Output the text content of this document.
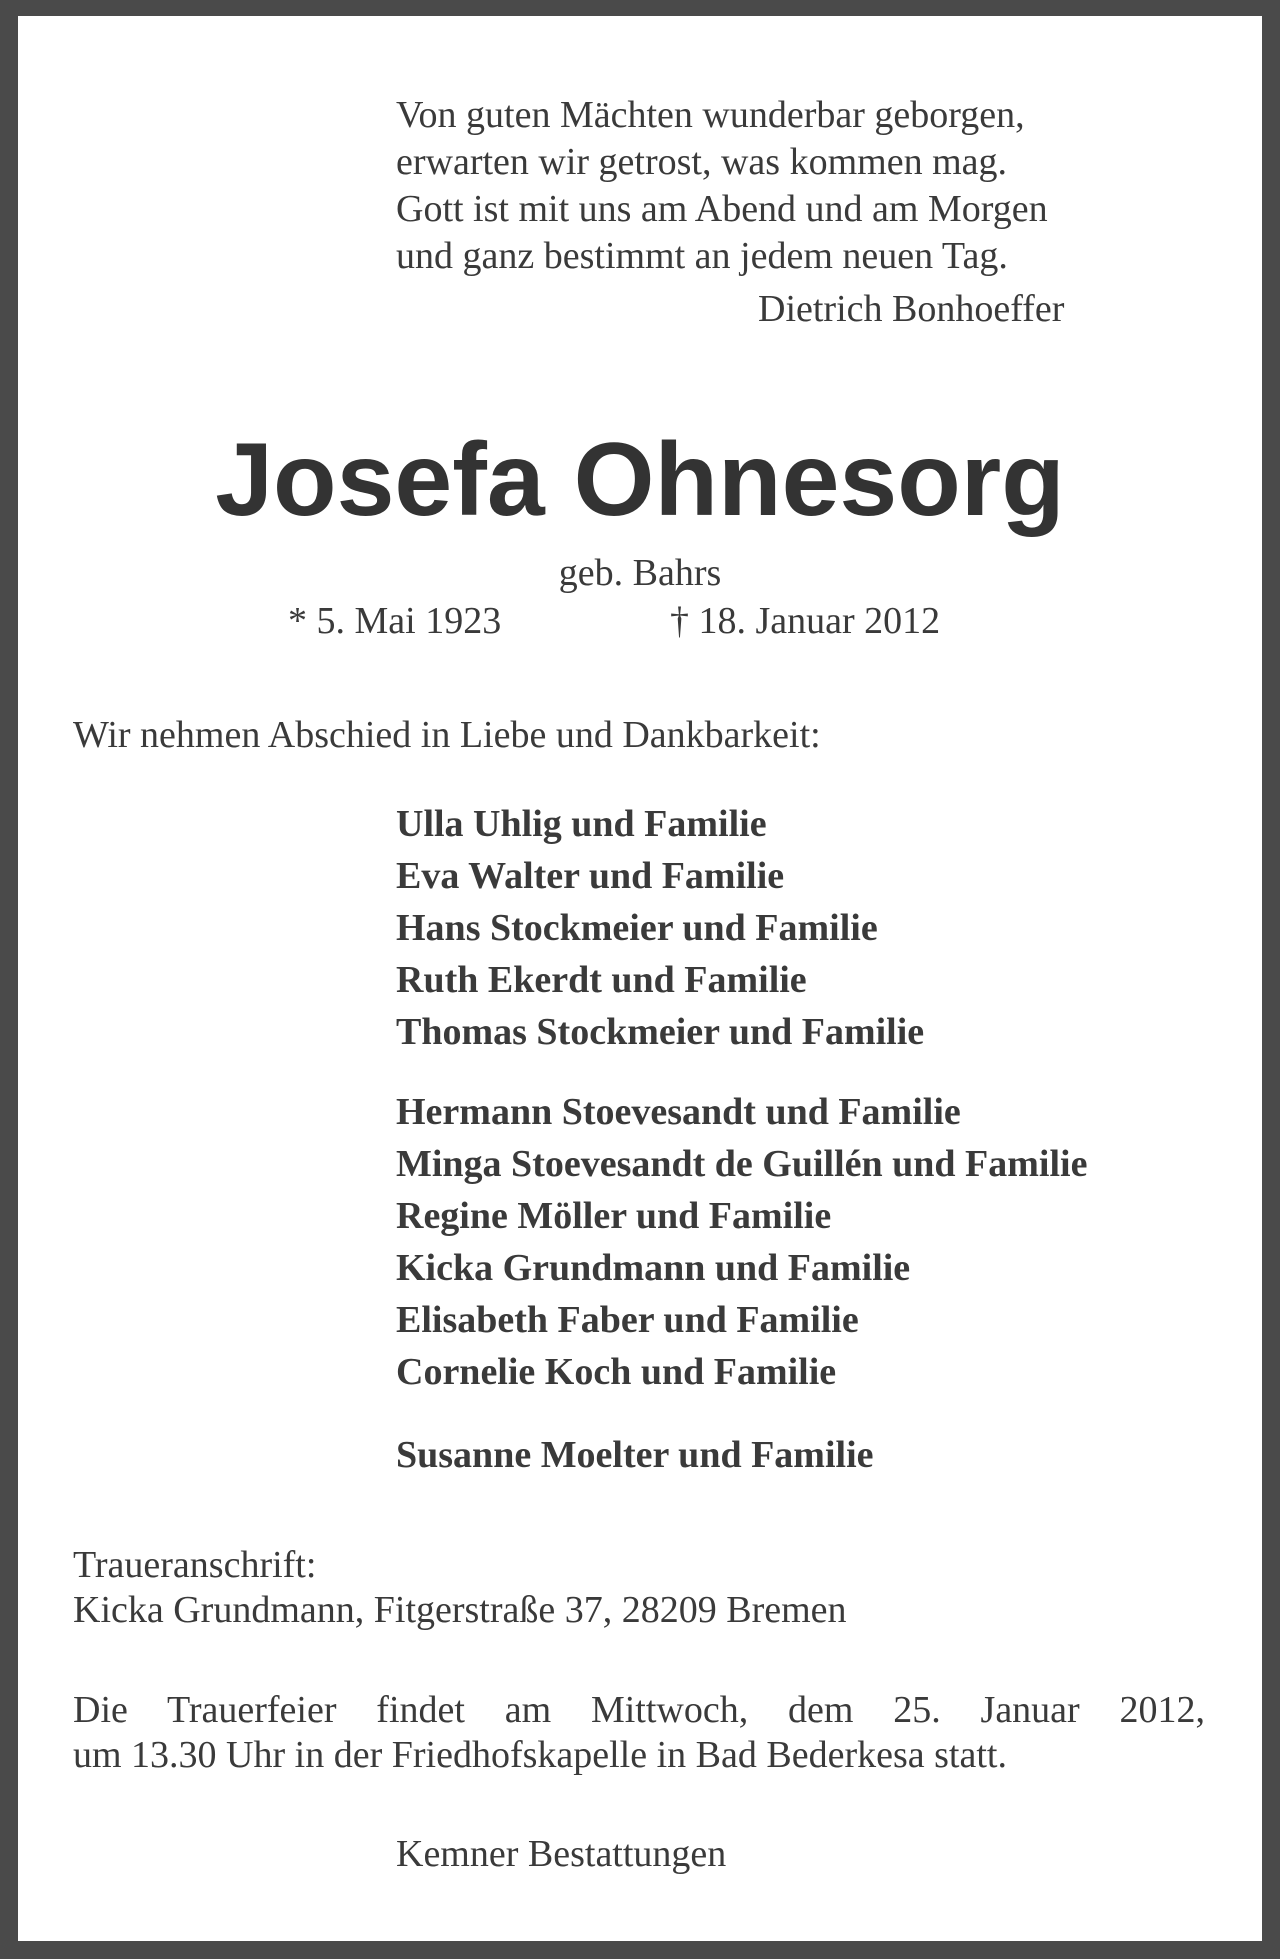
Von guten Mächten wunderbar geborgen,
erwarten wir getrost, was kommen mag.
Gott ist mit uns am Abend und am Morgen
und ganz bestimmt an jedem neuen Tag.
Dietrich Bonhoeffer
Josefa Ohnesorg
geb. Bahrs
* 5. Mai 1923	† 18. Januar 2012
Wir nehmen Abschied in Liebe und Dankbarkeit:
Ulla Uhlig und Familie
Eva Walter und Familie
Hans Stockmeier und Familie
Ruth Ekerdt und Familie
Thomas Stockmeier und Familie
Hermann Stoevesandt und Familie
Minga Stoevesandt de Guillén und Familie
Regine Möller und Familie
Kicka Grundmann und Familie
Elisabeth Faber und Familie
Cornelie Koch und Familie
Susanne Moelter und Familie
Traueranschrift:
Kicka Grundmann, Fitgerstraße 37, 28209 Bremen
Die Trauerfeier findet am Mittwoch, dem 25. Januar 2012,
um 13.30 Uhr in der Friedhofskapelle in Bad Bederkesa statt.
Kemner Bestattungen
